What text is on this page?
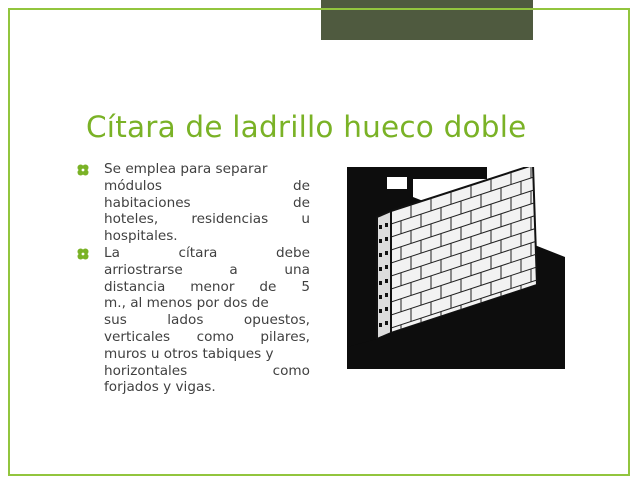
Cítara de ladrillo hueco doble
Se emplea para separar
módulos	de
habitaciones	de
hoteles, residencias u
hospitales.
La	cítara	debe
arriostrarse	a	una
distancia menor de 5
m., al menos por dos de
sus	lados	opuestos,
verticales como pilares,
muros u otros tabiques y
horizontales	como
forjados y vigas.
